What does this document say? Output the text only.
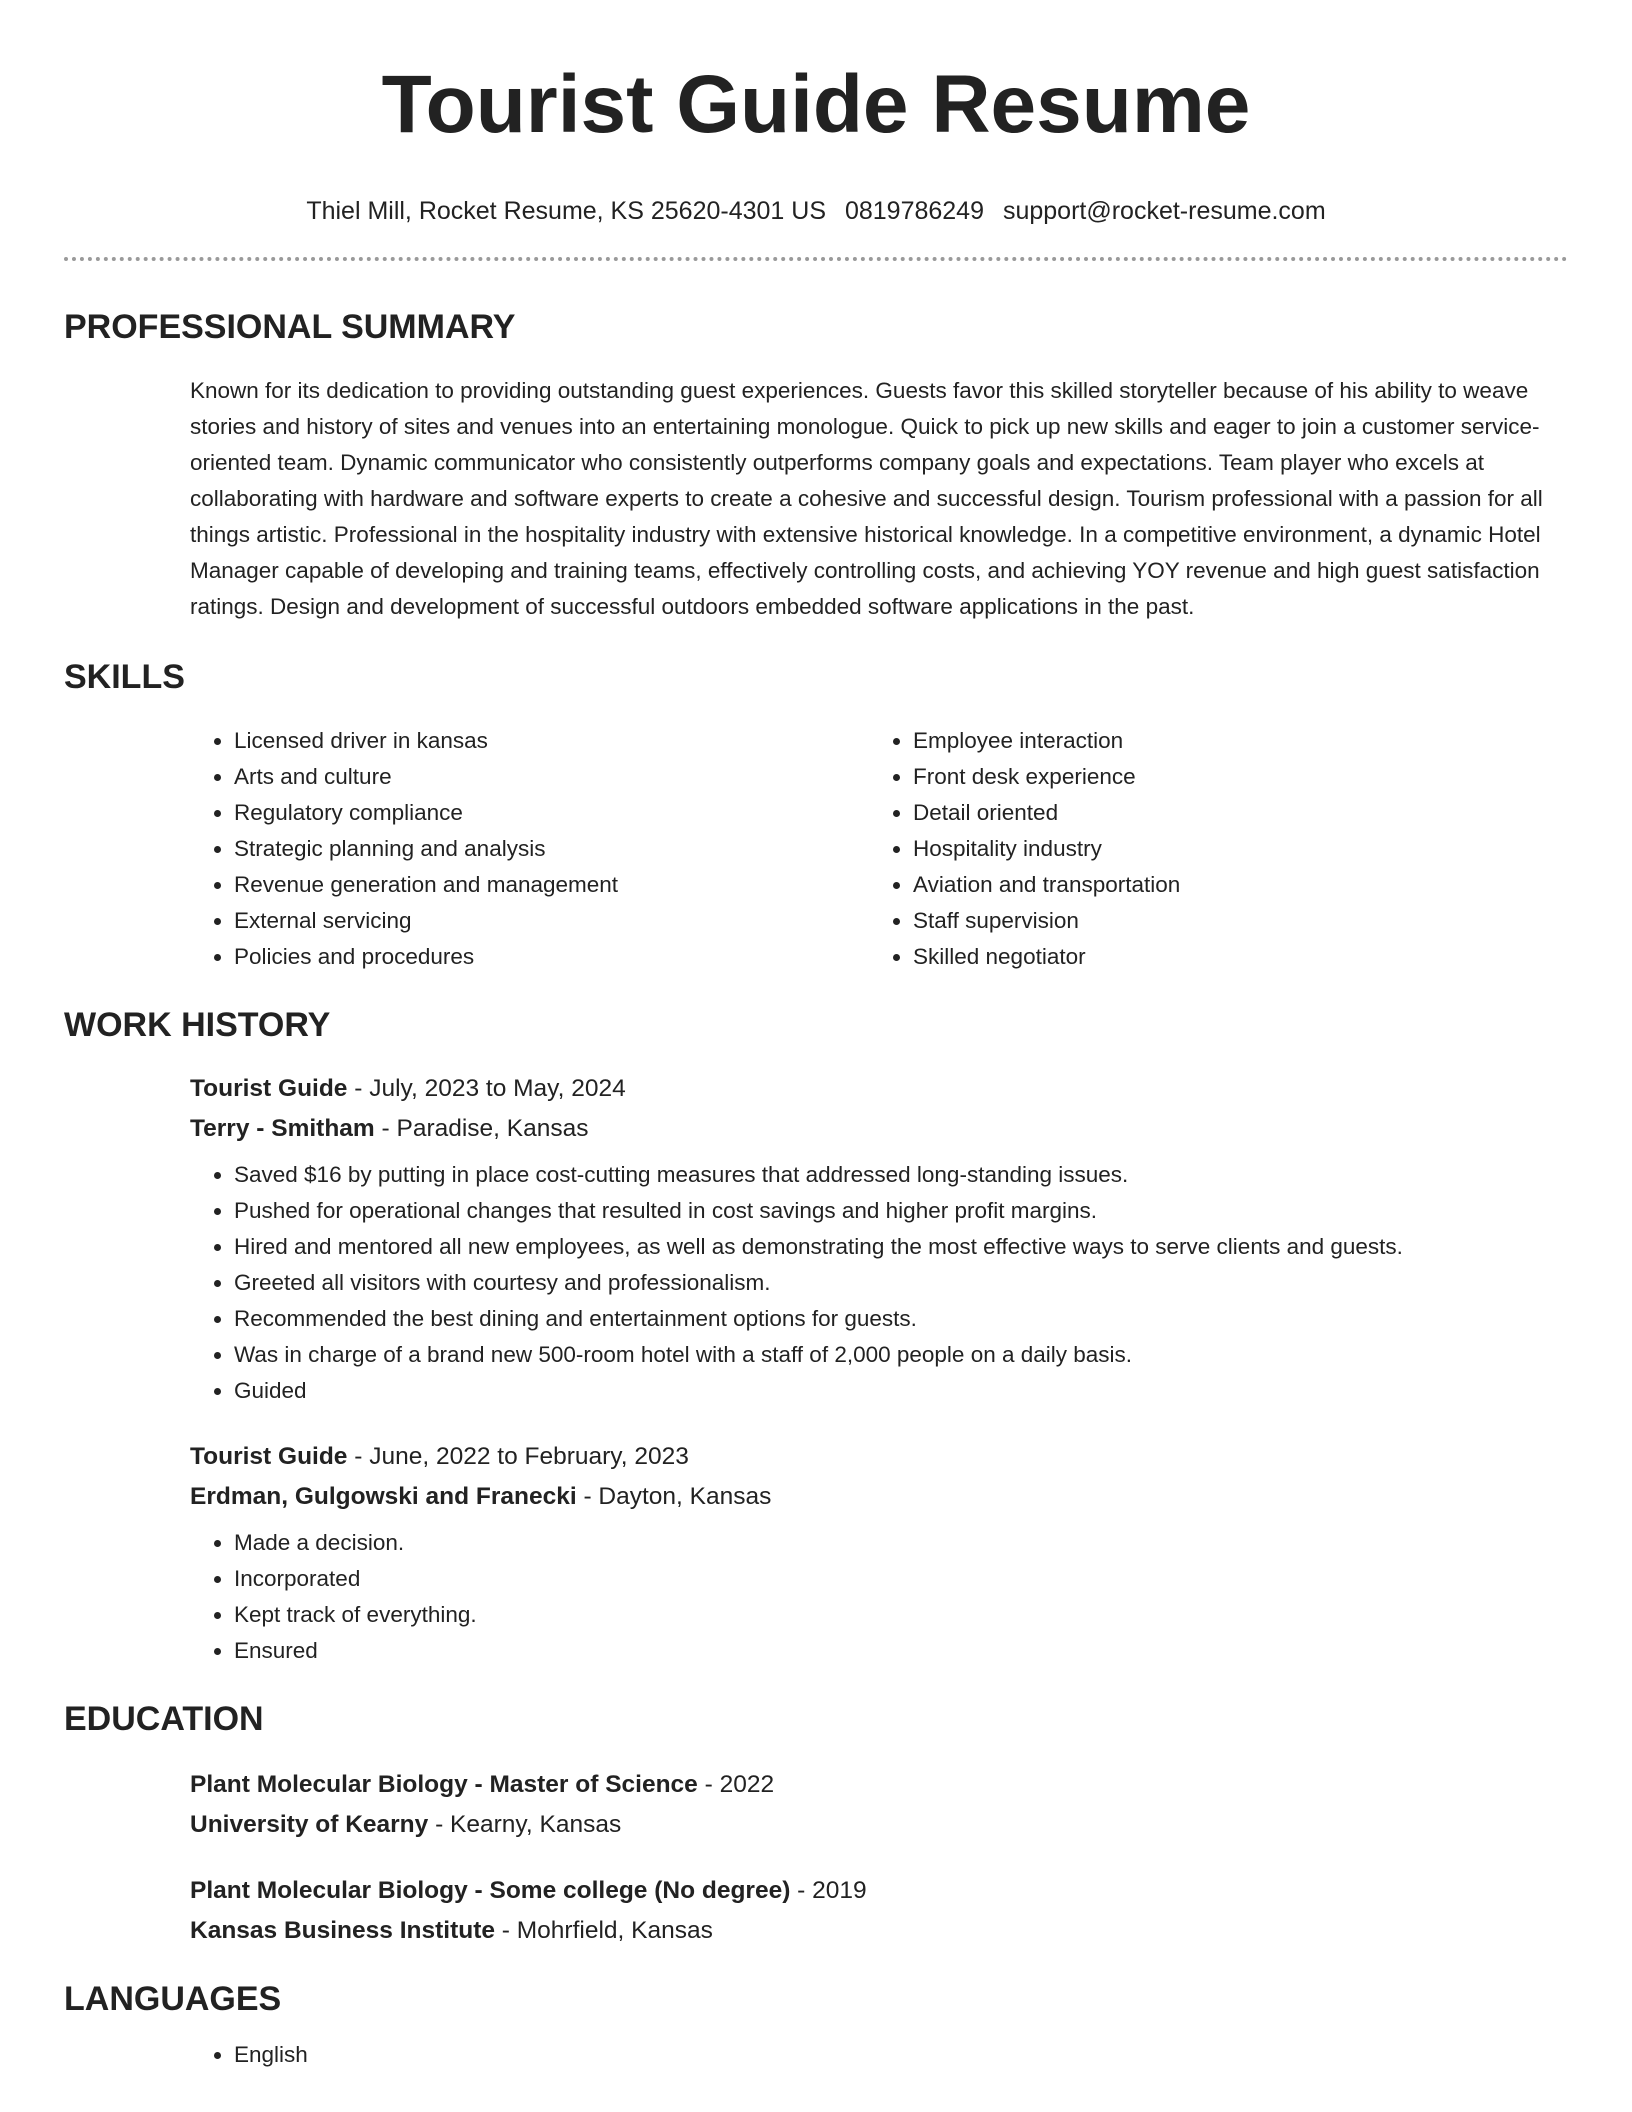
Tourist Guide Resume
Thiel Mill, Rocket Resume, KS 25620-4301 US 0819786249 support@rocket-resume.com
PROFESSIONAL SUMMARY

Known for its dedication to providing outstanding guest experiences. Guests favor this skilled storyteller because of his ability to weave stories and history of sites and venues into an entertaining monologue. Quick to pick up new skills and eager to join a customer service-oriented team. Dynamic communicator who consistently outperforms company goals and expectations. Team player who excels at collaborating with hardware and software experts to create a cohesive and successful design. Tourism professional with a passion for all things artistic. Professional in the hospitality industry with extensive historical knowledge. In a competitive environment, a dynamic Hotel Manager capable of developing and training teams, effectively controlling costs, and achieving YOY revenue and high guest satisfaction ratings. Design and development of successful outdoors embedded software applications in the past.

SKILLS
• Licensed driver in kansas
• Arts and culture
• Regulatory compliance
• Strategic planning and analysis
• Revenue generation and management
• External servicing
• Policies and procedures
• Employee interaction
• Front desk experience
• Detail oriented
• Hospitality industry
• Aviation and transportation
• Staff supervision
• Skilled negotiator
WORK HISTORY
Tourist Guide - July, 2023 to May, 2024
Terry - Smitham - Paradise, Kansas
• Saved $16 by putting in place cost-cutting measures that addressed long-standing issues.
• Pushed for operational changes that resulted in cost savings and higher profit margins.
• Hired and mentored all new employees, as well as demonstrating the most effective ways to serve clients and guests.
• Greeted all visitors with courtesy and professionalism.
• Recommended the best dining and entertainment options for guests.
• Was in charge of a brand new 500-room hotel with a staff of 2,000 people on a daily basis.
• Guided
Tourist Guide - June, 2022 to February, 2023
Erdman, Gulgowski and Franecki - Dayton, Kansas
• Made a decision.
• Incorporated
• Kept track of everything.
• Ensured
EDUCATION
Plant Molecular Biology - Master of Science - 2022
University of Kearny - Kearny, Kansas
Plant Molecular Biology - Some college (No degree) - 2019
Kansas Business Institute - Mohrfield, Kansas
LANGUAGES
• English
